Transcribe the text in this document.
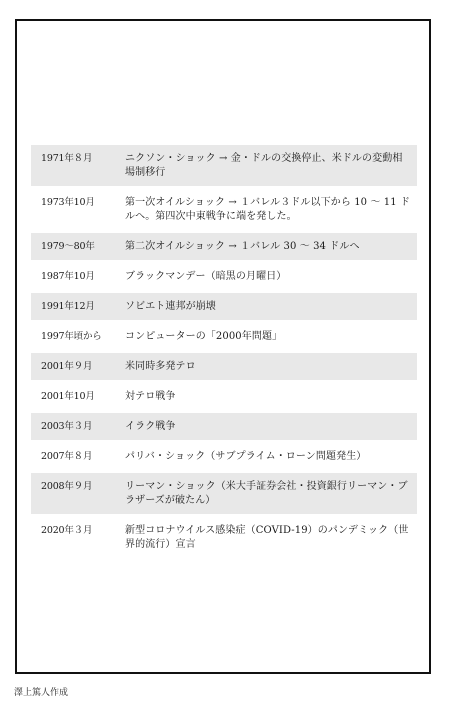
1971年８月	ニクソン・ショック → 金・ドルの交換停止、米ドルの変動相場制移行
1973年10月	第一次オイルショック → １バレル３ドル以下から 10 ～ 11 ドルへ。第四次中東戦争に端を発した。
1979～80年	第二次オイルショック → １バレル 30 ～ 34 ドルへ
1987年10月	ブラックマンデー（暗黒の月曜日）
1991年12月	ソビエト連邦が崩壊
1997年頃から	コンピューターの「2000年問題」
2001年９月	米同時多発テロ
2001年10月	対テロ戦争
2003年３月	イラク戦争
2007年８月	パリバ・ショック（サブプライム・ローン問題発生）
2008年９月	リーマン・ショック（米大手証券会社・投資銀行リーマン・ブラザーズが破たん）
2020年３月	新型コロナウイルス感染症（COVID-19）のパンデミック（世界的流行）宣言
澤上篤人作成
